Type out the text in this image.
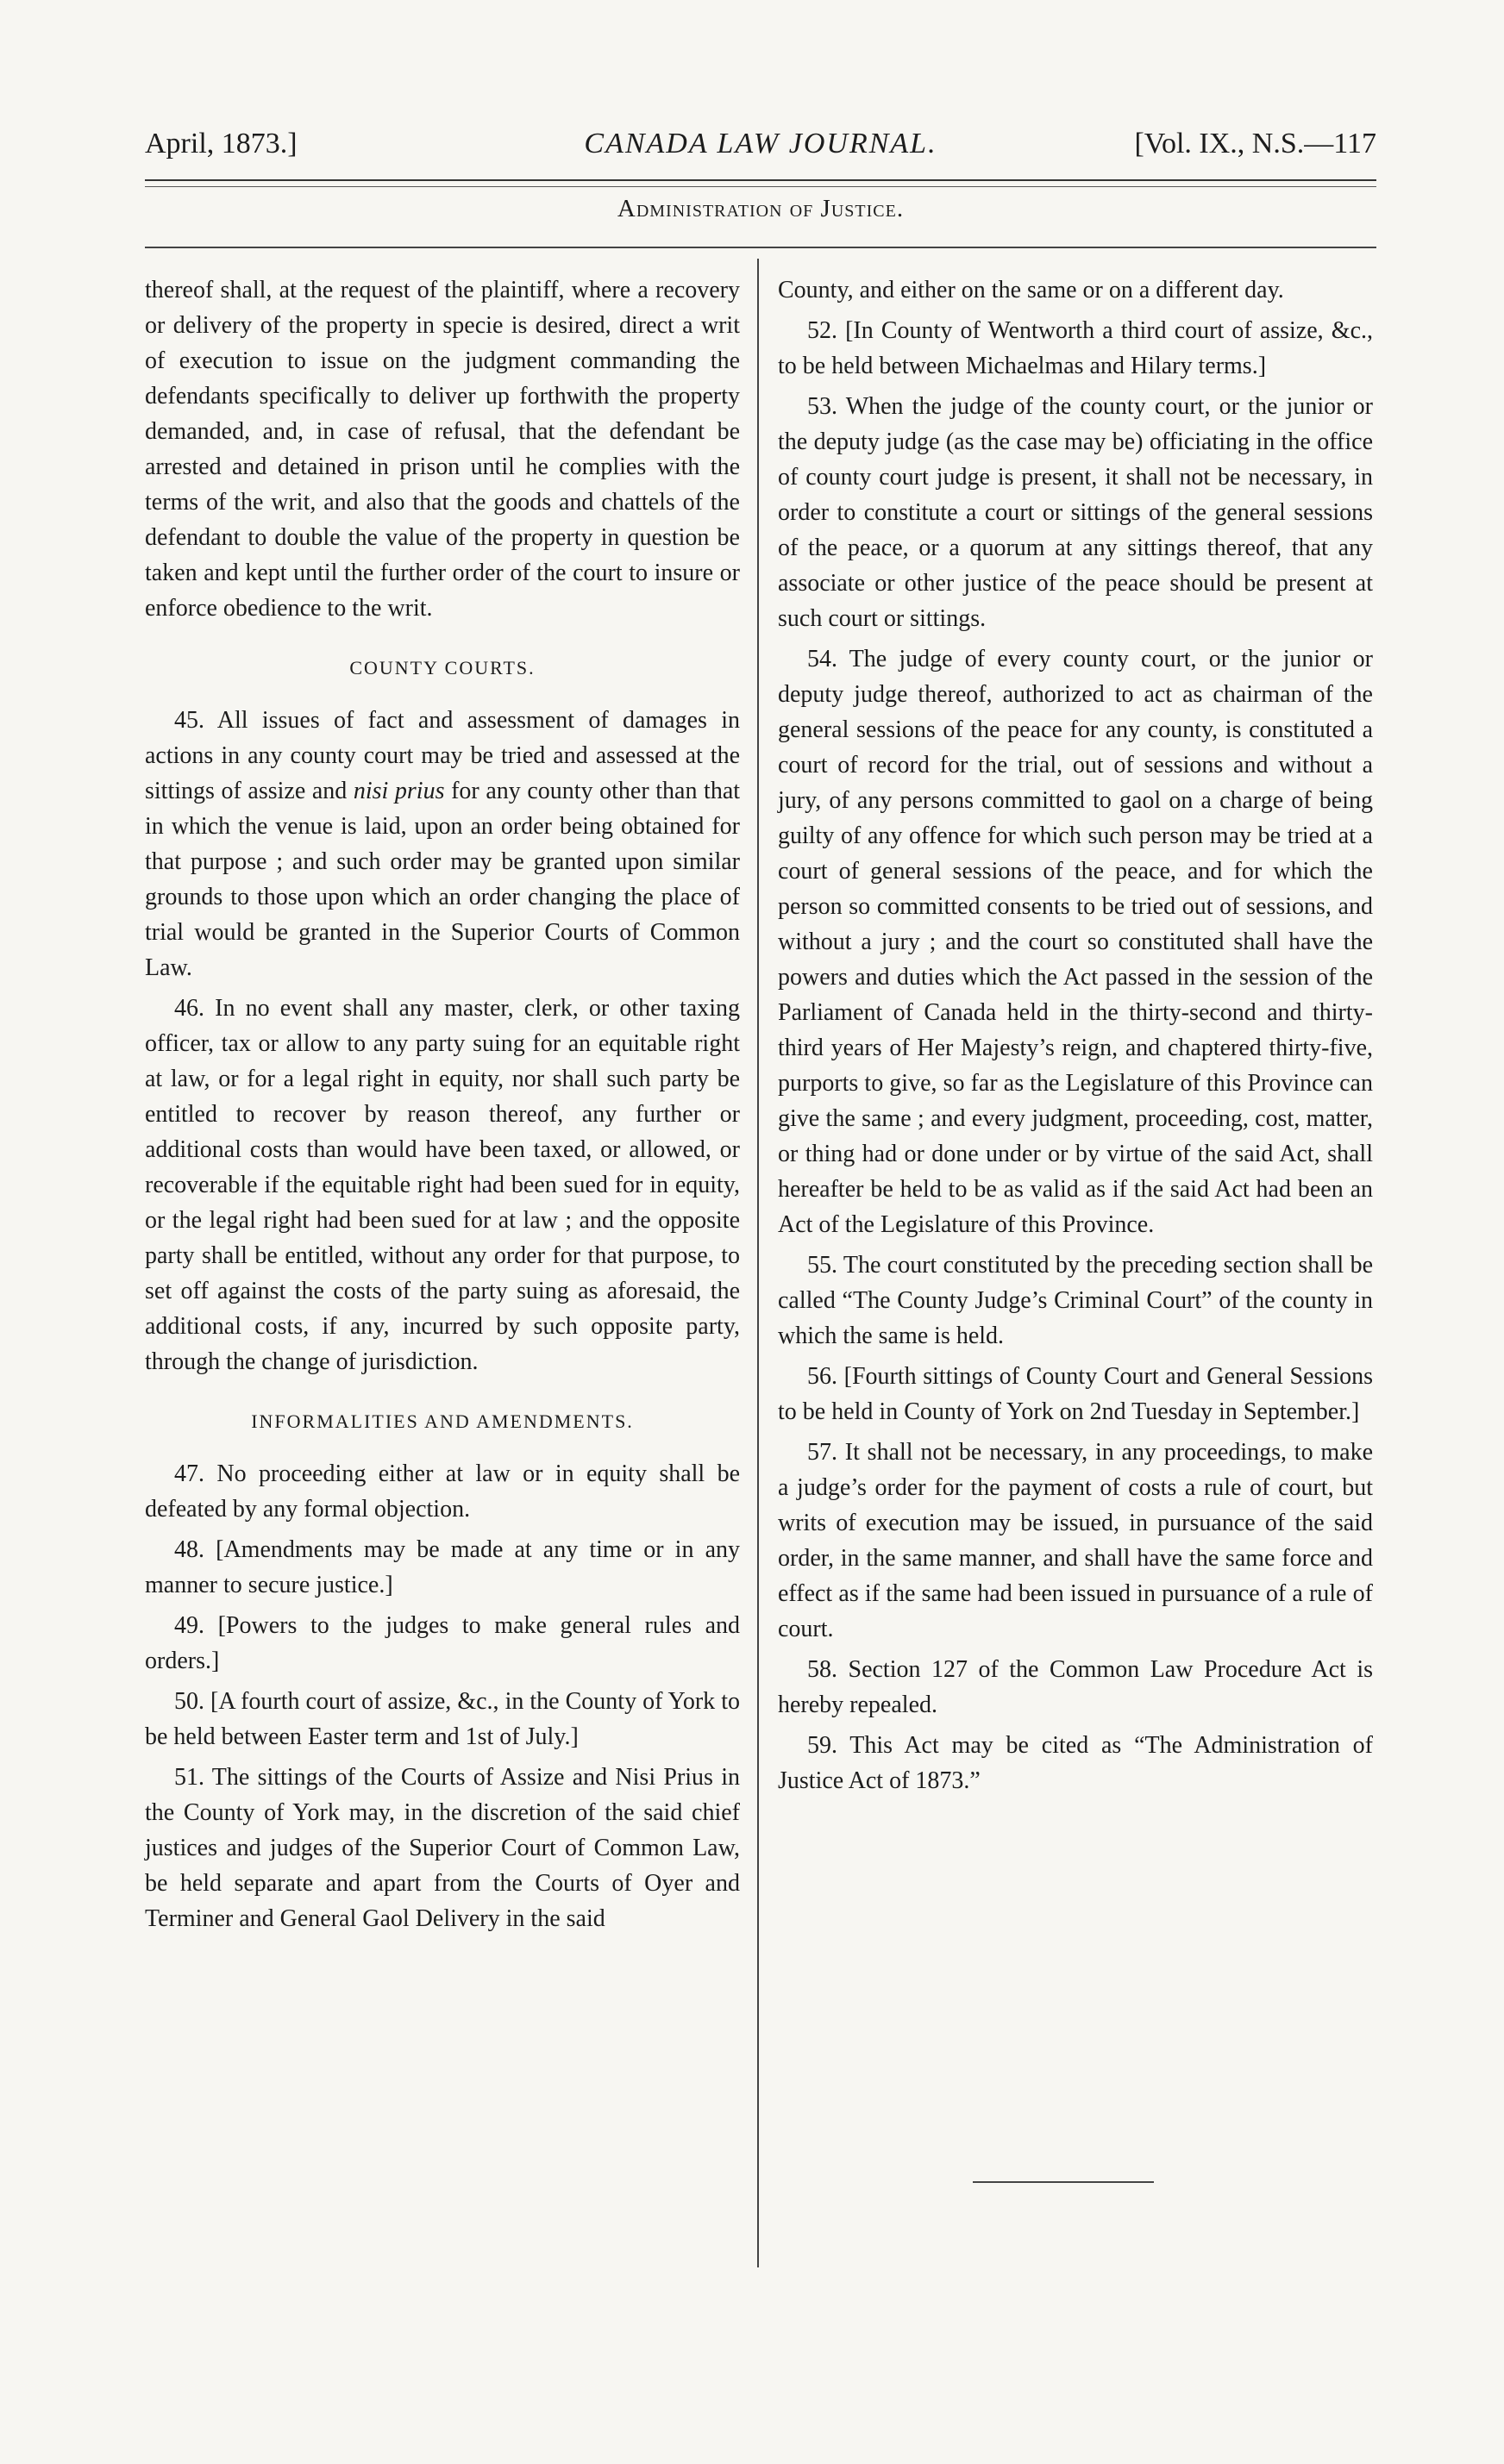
April, 1873.]	CANADA LAW JOURNAL.	[Vol. IX., N.S.—117
Administration of Justice.

thereof shall, at the request of the plaintiff, where a recovery or delivery of the property in specie is desired, direct a writ of execution to issue on the judgment commanding the defendants specifically to deliver up forthwith the property demanded, and, in case of refusal, that the defendant be arrested and detained in prison until he complies with the terms of the writ, and also that the goods and chattels of the defendant to double the value of the property in question be taken and kept until the further order of the court to insure or enforce obedience to the writ.

COUNTY COURTS.

45. All issues of fact and assessment of damages in actions in any county court may be tried and assessed at the sittings of assize and nisi prius for any county other than that in which the venue is laid, upon an order being obtained for that purpose ; and such order may be granted upon similar grounds to those upon which an order changing the place of trial would be granted in the Superior Courts of Common Law.

46. In no event shall any master, clerk, or other taxing officer, tax or allow to any party suing for an equitable right at law, or for a legal right in equity, nor shall such party be entitled to recover by reason thereof, any further or additional costs than would have been taxed, or allowed, or recoverable if the equitable right had been sued for in equity, or the legal right had been sued for at law ; and the opposite party shall be entitled, without any order for that purpose, to set off against the costs of the party suing as aforesaid, the additional costs, if any, incurred by such opposite party, through the change of jurisdiction.

INFORMALITIES AND AMENDMENTS.

47. No proceeding either at law or in equity shall be defeated by any formal objection.

48. [Amendments may be made at any time or in any manner to secure justice.]

49. [Powers to the judges to make general rules and orders.]

50. [A fourth court of assize, &c., in the County of York to be held between Easter term and 1st of July.]

51. The sittings of the Courts of Assize and Nisi Prius in the County of York may, in the discretion of the said chief justices and judges of the Superior Court of Common Law, be held separate and apart from the Courts of Oyer and Terminer and General Gaol Delivery in the said

County, and either on the same or on a different day.

52. [In County of Wentworth a third court of assize, &c., to be held between Michaelmas and Hilary terms.]

53. When the judge of the county court, or the junior or the deputy judge (as the case may be) officiating in the office of county court judge is present, it shall not be necessary, in order to constitute a court or sittings of the general sessions of the peace, or a quorum at any sittings thereof, that any associate or other justice of the peace should be present at such court or sittings.

54. The judge of every county court, or the junior or deputy judge thereof, authorized to act as chairman of the general sessions of the peace for any county, is constituted a court of record for the trial, out of sessions and without a jury, of any persons committed to gaol on a charge of being guilty of any offence for which such person may be tried at a court of general sessions of the peace, and for which the person so committed consents to be tried out of sessions, and without a jury ; and the court so constituted shall have the powers and duties which the Act passed in the session of the Parliament of Canada held in the thirty-second and thirty-third years of Her Majesty’s reign, and chaptered thirty-five, purports to give, so far as the Legislature of this Province can give the same ; and every judgment, proceeding, cost, matter, or thing had or done under or by virtue of the said Act, shall hereafter be held to be as valid as if the said Act had been an Act of the Legislature of this Province.

55. The court constituted by the preceding section shall be called “The County Judge’s Criminal Court” of the county in which the same is held.

56. [Fourth sittings of County Court and General Sessions to be held in County of York on 2nd Tuesday in September.]

57. It shall not be necessary, in any proceedings, to make a judge’s order for the payment of costs a rule of court, but writs of execution may be issued, in pursuance of the said order, in the same manner, and shall have the same force and effect as if the same had been issued in pursuance of a rule of court.

58. Section 127 of the Common Law Procedure Act is hereby repealed.

59. This Act may be cited as “The Administration of Justice Act of 1873.”
